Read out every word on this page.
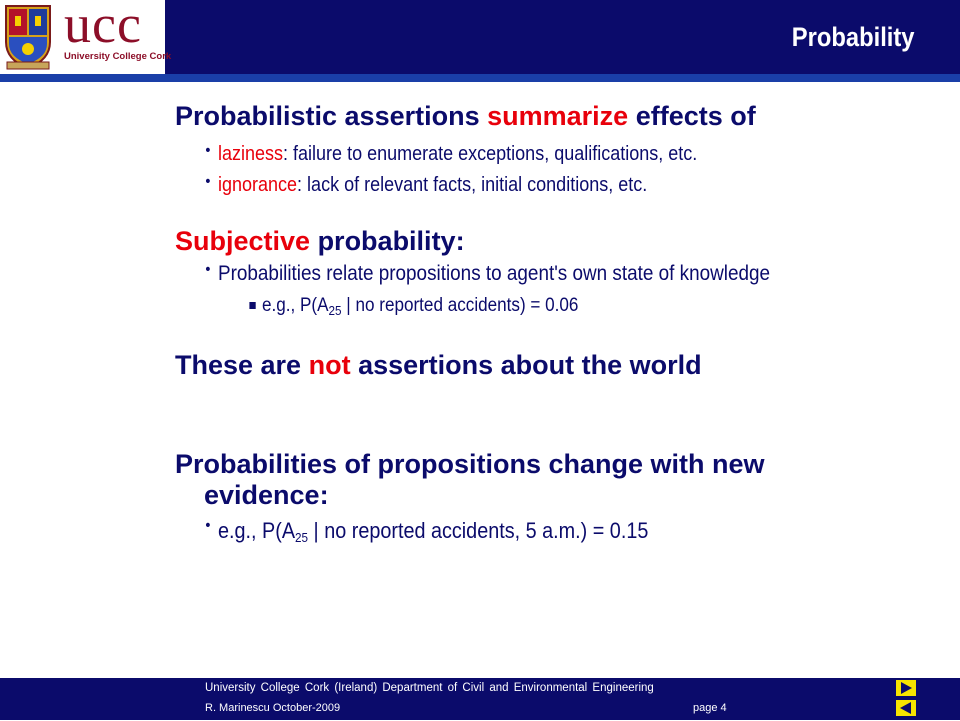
ucc
University College Cork
Probability
Probabilistic assertions summarize effects of
• laziness: failure to enumerate exceptions, qualifications, etc.
• ignorance: lack of relevant facts, initial conditions, etc.
Subjective probability:
• Probabilities relate propositions to agent's own state of knowledge
e.g., $P(A_{25}$ | no reported accidents) = 0.06
These are not assertions about the world
Probabilities of propositions change with new
evidence:
• e.g., $P(A_{25}$ | no reported accidents, 5 a.m.) = 0.15
University College Cork (Ireland) Department of Civil and Environmental Engineering
R. Marinescu October-2009	page 4
